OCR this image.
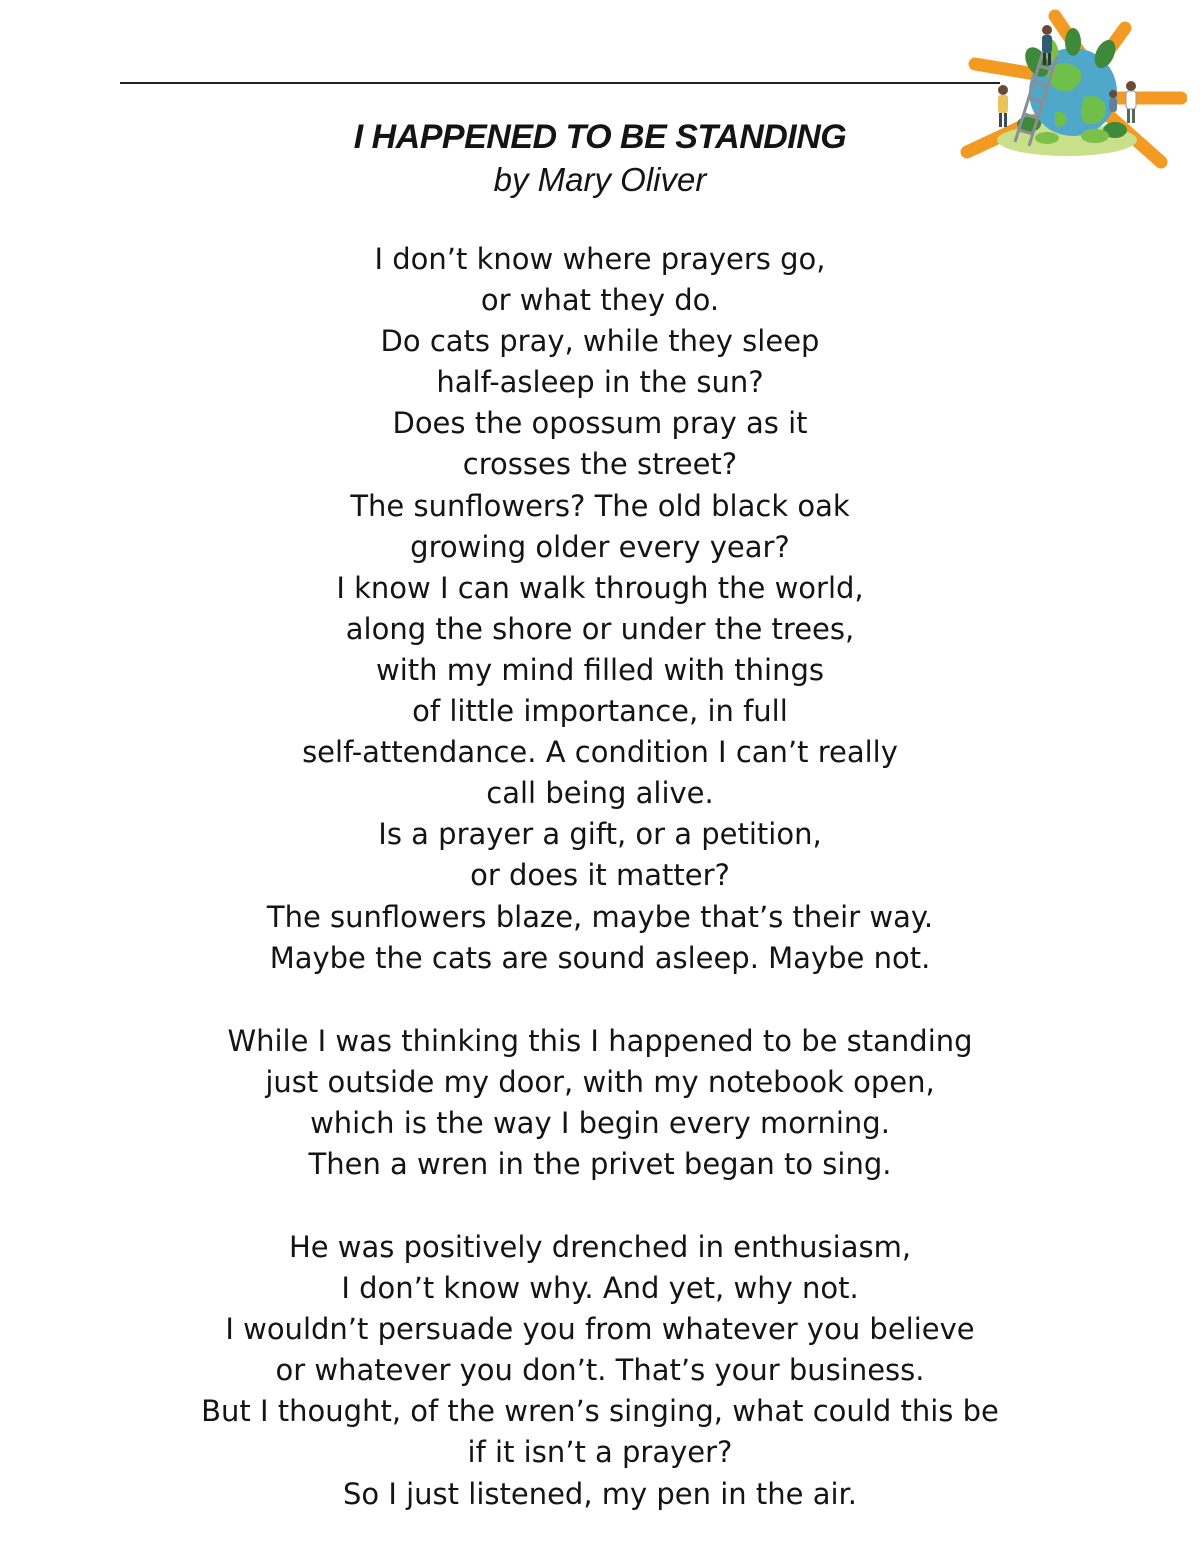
I HAPPENED TO BE STANDING

by Mary Oliver

I don’t know where prayers go,
or what they do.
Do cats pray, while they sleep
half-asleep in the sun?
Does the opossum pray as it
crosses the street?
The sunflowers? The old black oak
growing older every year?
I know I can walk through the world,
along the shore or under the trees,
with my mind filled with things
of little importance, in full
self-attendance. A condition I can’t really
call being alive.
Is a prayer a gift, or a petition,
or does it matter?
The sunflowers blaze, maybe that’s their way.
Maybe the cats are sound asleep. Maybe not.
While I was thinking this I happened to be standing
just outside my door, with my notebook open,
which is the way I begin every morning.
Then a wren in the privet began to sing.
He was positively drenched in enthusiasm,
I don’t know why. And yet, why not.
I wouldn’t persuade you from whatever you believe
or whatever you don’t. That’s your business.
But I thought, of the wren’s singing, what could this be
if it isn’t a prayer?
So I just listened, my pen in the air.
